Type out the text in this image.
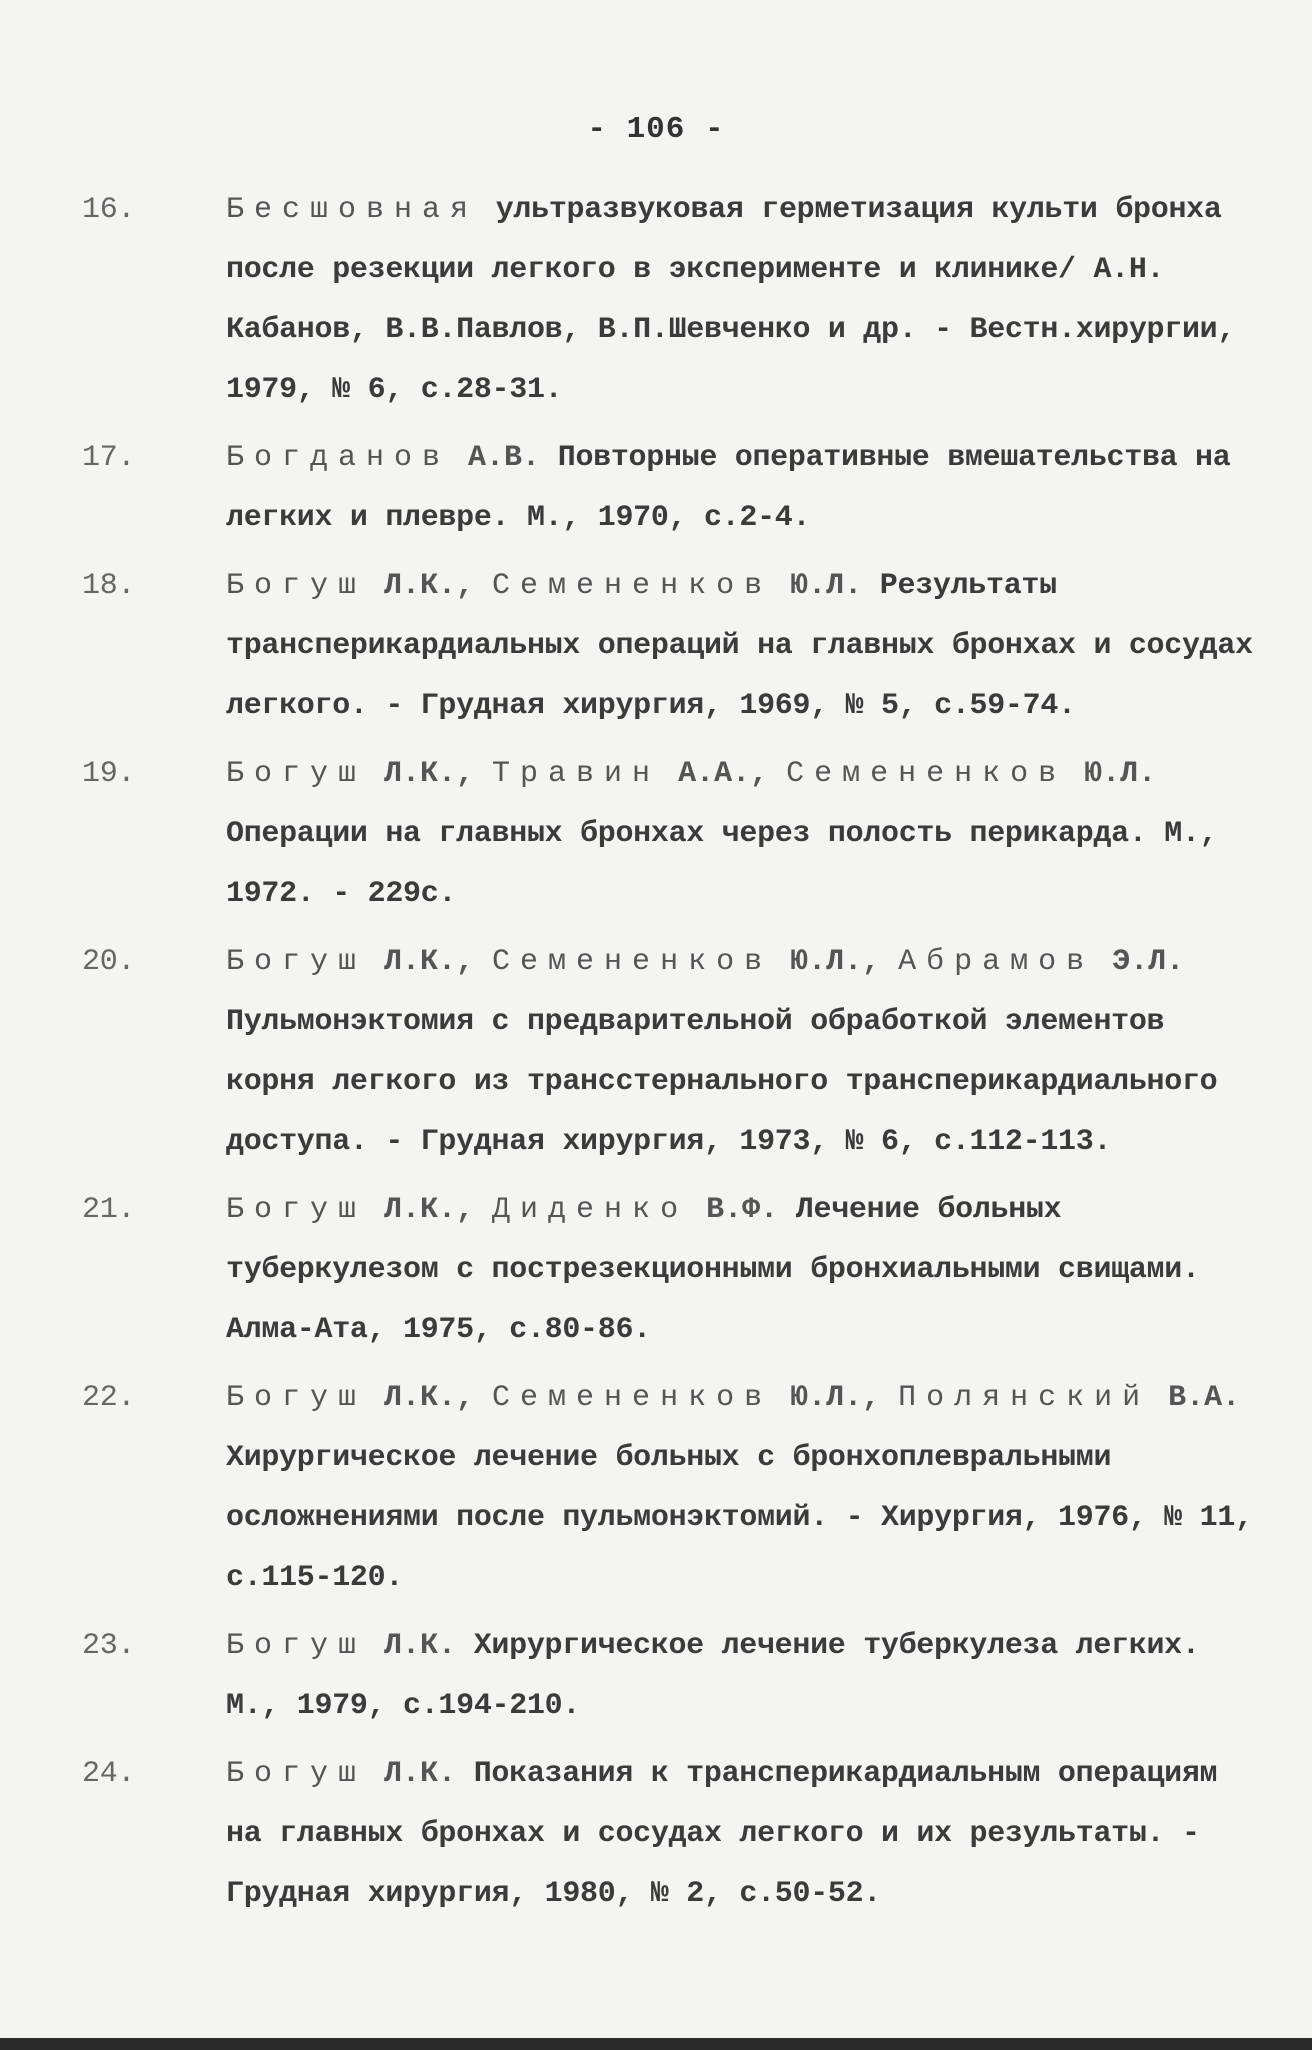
- 106 -
16.	Бесшовная ультразвуковая герметизация культи бронха после резекции легкого в эксперименте и клинике/ А.Н. Кабанов, В.В.Павлов, В.П.Шевченко и др. - Вестн.хирургии, 1979, № 6, с.28-31.
17.	Богданов А.В. Повторные оперативные вмешательства на легких и плевре. М., 1970, с.2-4.
18.	Богуш Л.К., Семененков Ю.Л. Результаты трансперикардиальных операций на главных бронхах и сосудах легкого. - Грудная хирургия, 1969, № 5, с.59-74.
19.	Богуш Л.К., Травин А.А., Семененков Ю.Л. Операции на главных бронхах через полость перикарда. М., 1972. - 229с.
20.	Богуш Л.К., Семененков Ю.Л., Абрамов Э.Л. Пульмонэктомия с предварительной обработкой элементов корня легкого из трансстернального трансперикардиального доступа. - Грудная хирургия, 1973, № 6, с.112-113.
21.	Богуш Л.К., Диденко В.Ф. Лечение больных туберкулезом с пострезекционными бронхиальными свищами. Алма-Ата, 1975, с.80-86.
22.	Богуш Л.К., Семененков Ю.Л., Полянский В.А. Хирургическое лечение больных с бронхоплевральными осложнениями после пульмонэктомий. - Хирургия, 1976, № 11, с.115-120.
23.	Богуш Л.К. Хирургическое лечение туберкулеза легких. М., 1979, с.194-210.
24.	Богуш Л.К. Показания к трансперикардиальным операциям на главных бронхах и сосудах легкого и их результаты. - Грудная хирургия, 1980, № 2, с.50-52.
